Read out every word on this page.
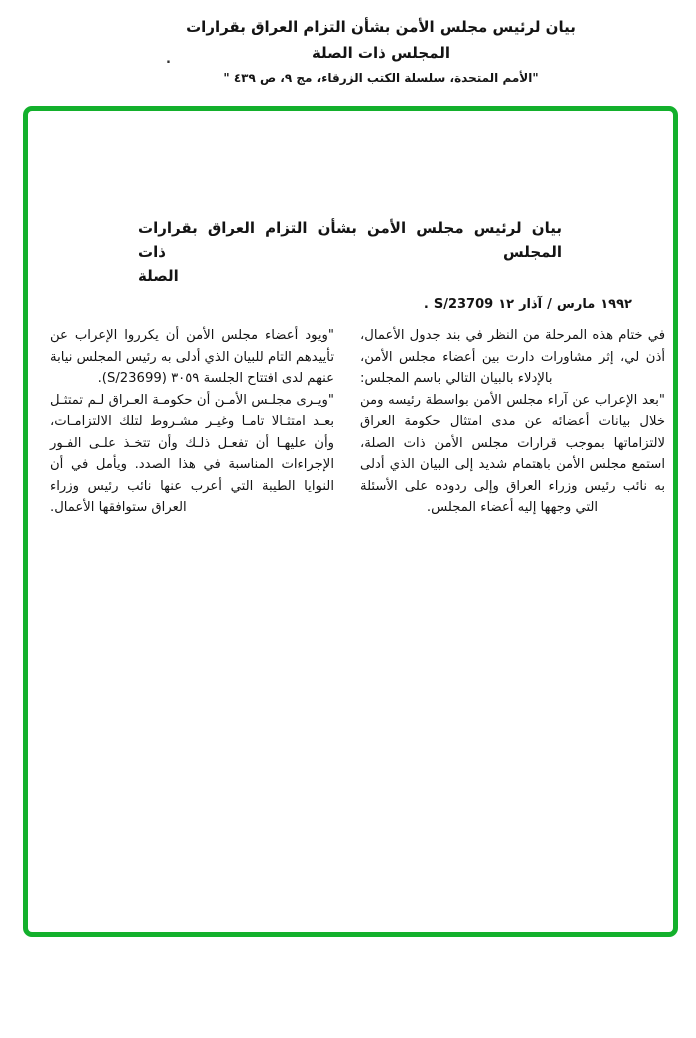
بيان لرئيس مجلس الأمن بشأن التزام العراق بقرارات
المجلس ذات الصلة
"الأمم المتحدة، سلسلة الكتب الزرقاء، مج ٩، ص ٤٣٩ "
.
بيان لرئيس مجلس الأمن بشأن التزام العراق بقرارات المجلس ذات
الصلة
. S/23709 ١٢ آذار / مارس ١٩٩٢

في ختام هذه المرحلة من النظر في بند جدول الأعمال، أذن لي، إثر مشاورات دارت بين أعضاء مجلس الأمن، بالإدلاء بالبيان التالي باسم المجلس:

"بعد الإعراب عن آراء مجلس الأمن بواسطة رئيسه ومن خلال بيانات أعضائه عن مدى امتثال حكومة العراق لالتزاماتها بموجب قرارات مجلس الأمن ذات الصلة، استمع مجلس الأمن باهتمام شديد إلى البيان الذي أدلى به نائب رئيس وزراء العراق وإلى ردوده على الأسئلة التي وجهها إليه أعضاء المجلس.

"ويود أعضاء مجلس الأمن أن يكرروا الإعراب عن تأييدهم التام للبيان الذي أدلى به رئيس المجلس نيابة عنهم لدى افتتاح الجلسة ٣٠٥٩ (S/23699).

"ويـرى مجلـس الأمـن أن حكومـة العـراق لـم تمتثـل بعـد امتثـالا تامـا وغيـر مشـروط لتلك الالتزامـات، وأن عليهـا أن تفعـل ذلـك وأن تتخـذ علـى الفـور الإجراءات المناسبة في هذا الصدد. ويأمل في أن النوايا الطيبة التي أعرب عنها نائب رئيس وزراء العراق ستوافقها الأعمال.
